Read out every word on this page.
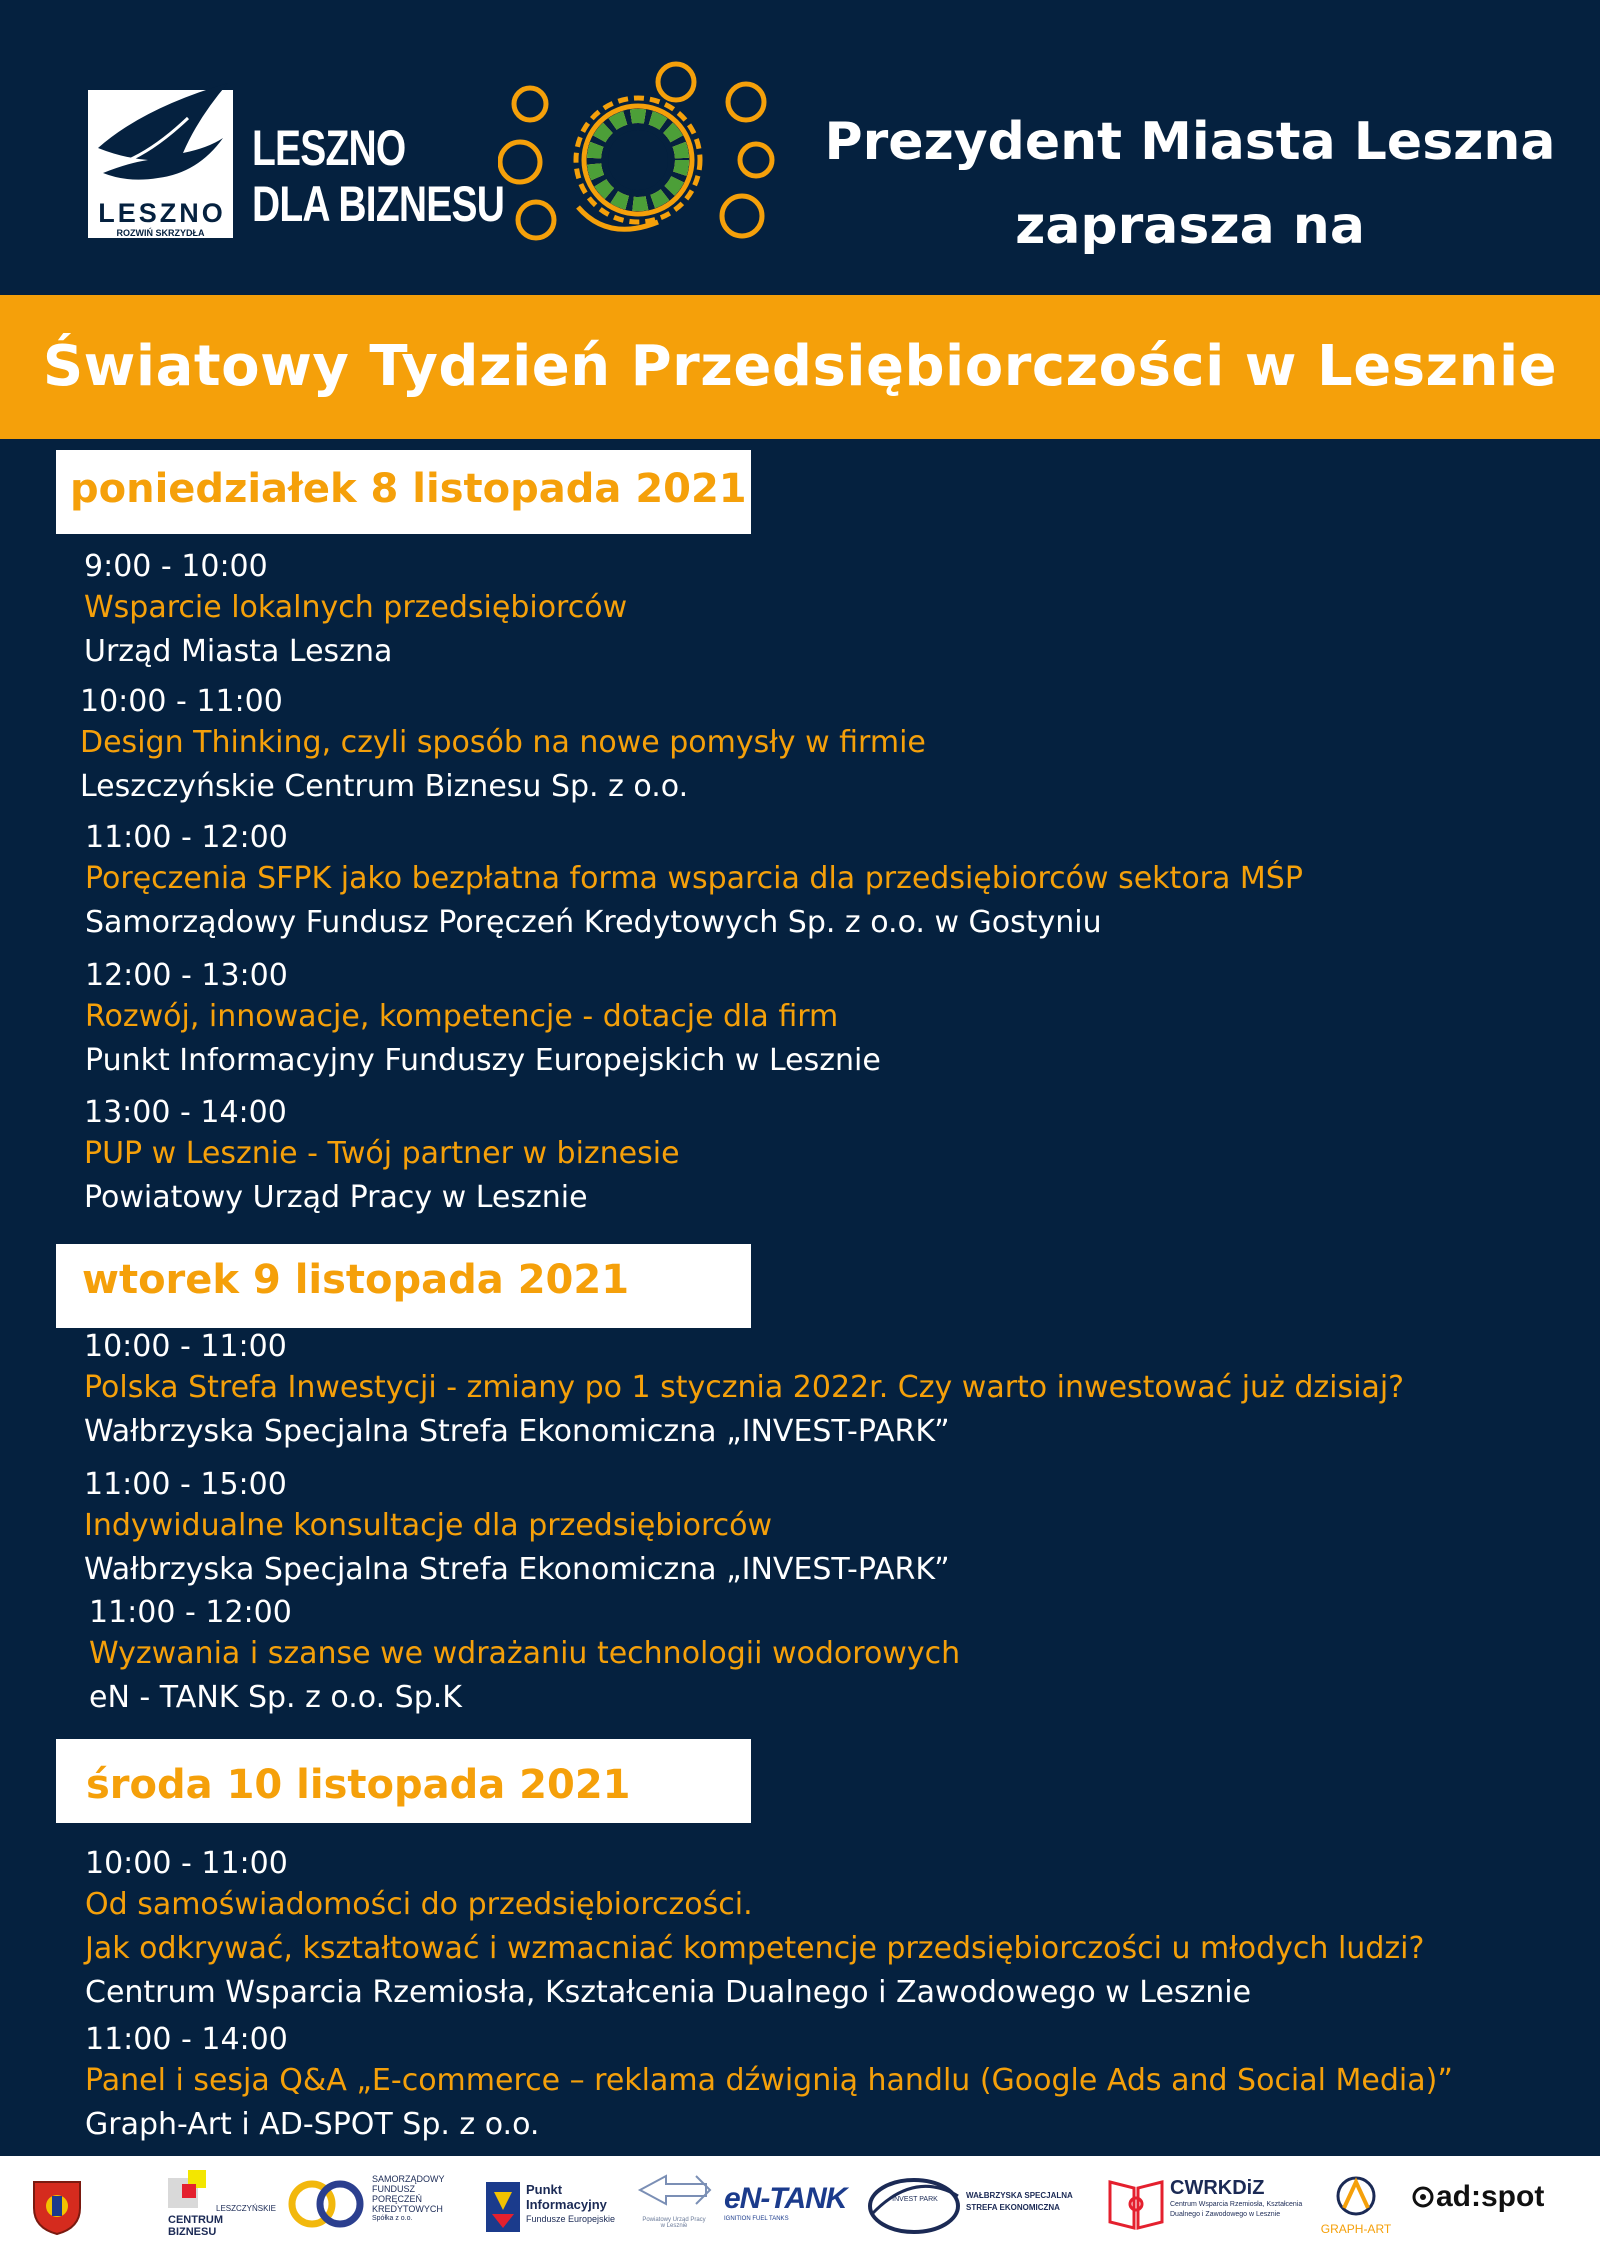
LESZNO
ROZWIŃ SKRZYDŁA
LESZNO
DLA BIZNESU
Prezydent Miasta Leszna
zaprasza na
Światowy Tydzień Przedsiębiorczości w Lesznie
poniedziałek 8 listopada 2021
9:00 - 10:00
Wsparcie lokalnych przedsiębiorców
Urząd Miasta Leszna
10:00 - 11:00
Design Thinking, czyli sposób na nowe pomysły w firmie
Leszczyńskie Centrum Biznesu Sp. z o.o.
11:00 - 12:00
Poręczenia SFPK jako bezpłatna forma wsparcia dla przedsiębiorców sektora MŚP
Samorządowy Fundusz Poręczeń Kredytowych Sp. z o.o. w Gostyniu
12:00 - 13:00
Rozwój, innowacje, kompetencje - dotacje dla firm
Punkt Informacyjny Funduszy Europejskich w Lesznie
13:00 - 14:00
PUP w Lesznie - Twój partner w biznesie
Powiatowy Urząd Pracy w Lesznie
wtorek 9 listopada 2021
10:00 - 11:00
Polska Strefa Inwestycji - zmiany po 1 stycznia 2022r. Czy warto inwestować już dzisiaj?
Wałbrzyska Specjalna Strefa Ekonomiczna „INVEST-PARK”
11:00 - 15:00
Indywidualne konsultacje dla przedsiębiorców
Wałbrzyska Specjalna Strefa Ekonomiczna „INVEST-PARK”
11:00 - 12:00
Wyzwania i szanse we wdrażaniu technologii wodorowych
eN - TANK Sp. z o.o. Sp.K
środa 10 listopada 2021
10:00 - 11:00
Od samoświadomości do przedsiębiorczości.
Jak odkrywać, kształtować i wzmacniać kompetencje przedsiębiorczości u młodych ludzi?
Centrum Wsparcia Rzemiosła, Kształcenia Dualnego i Zawodowego w Lesznie
11:00 - 14:00
Panel i sesja Q&A „E-commerce – reklama dźwignią handlu (Google Ads and Social Media)”
Graph-Art i AD-SPOT Sp. z o.o.
LESZCZYŃSKIE
CENTRUM BIZNESU
SAMORZĄDOWY
FUNDUSZ
PORĘCZEŃ
KREDYTOWYCH
Spółka z o.o.
Punkt
Informacyjny
Fundusze Europejskie	Powiatowy Urząd Pracy
w Lesznie
eN-TANK
IGNITION FUEL TANKS
INVEST PARK	WAŁBRZYSKA SPECJALNA
STREFA EKONOMICZNA
CWRKDiZ
Centrum Wsparcia Rzemiosła, Kształcenia
Dualnego i Zawodowego w Lesznie
GRAPH-ART
ad:spot
